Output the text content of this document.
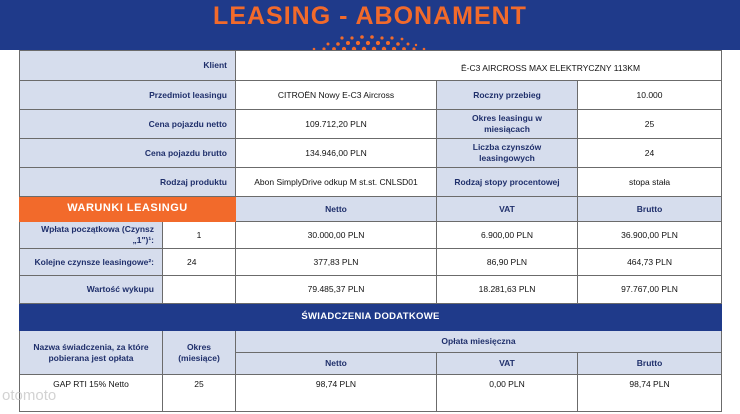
LEASING - ABONAMENT
Klient		Ë-C3 AIRCROSS MAX ELEKTRYCZNY 113KM		
Przedmiot leasingu		CITROËN Nowy E-C3 Aircross	Roczny przebieg	10.000
Cena pojazdu netto		109.712,20 PLN	Okres leasingu w miesiącach	25
Cena pojazdu brutto		134.946,00 PLN	Liczba czynszów leasingowych	24
Rodzaj produktu		Abon SimplyDrive odkup M st.st. CNLSD01	Rodzaj stopy procentowej	stopa stała
WARUNKI LEASINGU		Netto	VAT	Brutto
Wpłata początkowa (Czynsz „1")¹:	1	30.000,00 PLN	6.900,00 PLN	36.900,00 PLN
Kolejne czynsze leasingowe²:	24	377,83 PLN	86,90 PLN	464,73 PLN
Wartość wykupu		79.485,37 PLN	18.281,63 PLN	97.767,00 PLN
ŚWIADCZENIA DODATKOWE				
Nazwa świadczenia, za które pobierana jest opłata	Okres (miesiące)	Opłata miesięczna		
		Netto	VAT	Brutto
GAP RTI 15% Netto	25	98,74 PLN	0,00 PLN	98,74 PLN
otomoto
